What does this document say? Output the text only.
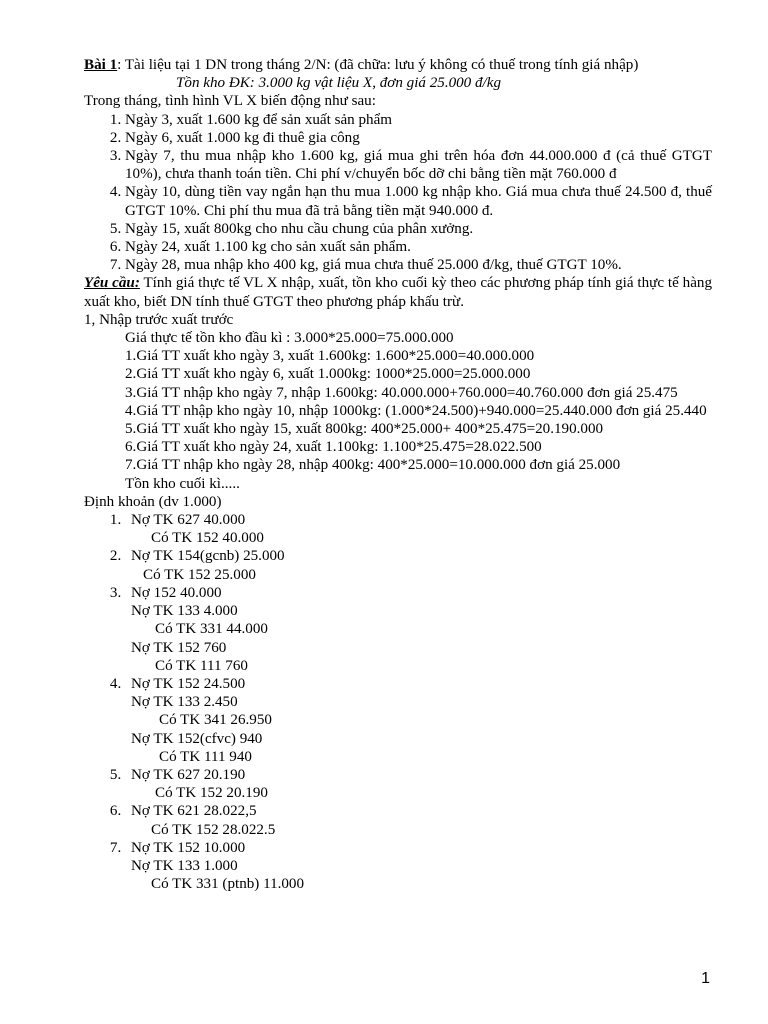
Bài 1: Tài liệu tại 1 DN trong tháng 2/N: (đã chữa: lưu ý không có thuế trong tính giá nhập)
Tồn kho ĐK: 3.000 kg vật liệu X, đơn giá 25.000 đ/kg
Trong tháng, tình hình VL X biến động như sau:
1. Ngày 3, xuất 1.600 kg để sản xuất sản phẩm
2. Ngày 6, xuất 1.000 kg đi thuê gia công
3. Ngày 7, thu mua nhập kho 1.600 kg, giá mua ghi trên hóa đơn 44.000.000 đ (cả thuế GTGT 10%), chưa thanh toán tiền. Chi phí v/chuyển bốc dỡ chi bằng tiền mặt 760.000 đ
4. Ngày 10, dùng tiền vay ngắn hạn thu mua 1.000 kg nhập kho. Giá mua chưa thuế 24.500 đ, thuế GTGT 10%. Chi phí thu mua đã trả bằng tiền mặt 940.000 đ.
5. Ngày 15, xuất 800kg cho nhu cầu chung của phân xưởng.
6. Ngày 24, xuất 1.100 kg cho sản xuất sản phẩm.
7. Ngày 28, mua nhập kho 400 kg, giá mua chưa thuế 25.000 đ/kg, thuế GTGT 10%.
Yêu cầu: Tính giá thực tế VL X nhập, xuất, tồn kho cuối kỳ theo các phương pháp tính giá thực tế hàng xuất kho, biết DN tính thuế GTGT theo phương pháp khấu trừ.
1, Nhập trước xuất trước
Giá thực tế tồn kho đầu kì : 3.000*25.000=75.000.000
1.Giá TT xuất kho ngày 3, xuất 1.600kg: 1.600*25.000=40.000.000
2.Giá TT xuất kho ngày 6, xuất 1.000kg: 1000*25.000=25.000.000
3.Giá TT nhập kho ngày 7, nhập 1.600kg: 40.000.000+760.000=40.760.000 đơn giá 25.475
4.Giá TT nhập kho ngày 10, nhập 1000kg: (1.000*24.500)+940.000=25.440.000 đơn giá 25.440
5.Giá TT xuất kho ngày 15, xuất 800kg: 400*25.000+ 400*25.475=20.190.000
6.Giá TT xuất kho ngày 24, xuất 1.100kg: 1.100*25.475=28.022.500
7.Giá TT nhập kho ngày 28, nhập 400kg: 400*25.000=10.000.000 đơn giá 25.000
Tồn kho cuối kì.....
Định khoản (dv 1.000)
1. Nợ TK 627 40.000
Có TK 152 40.000
2. Nợ TK 154(gcnb) 25.000
Có TK 152 25.000
3. Nợ 152 40.000
Nợ TK 133 4.000
Có TK 331 44.000
Nợ TK 152 760
Có TK 111 760
4. Nợ TK 152 24.500
Nợ TK 133 2.450
Có TK 341 26.950
Nợ TK 152(cfvc) 940
Có TK 111 940
5. Nợ TK 627 20.190
Có TK 152 20.190
6. Nợ TK 621 28.022,5
Có TK 152 28.022.5
7. Nợ TK 152 10.000
Nợ TK 133 1.000
Có TK 331 (ptnb) 11.000
1
